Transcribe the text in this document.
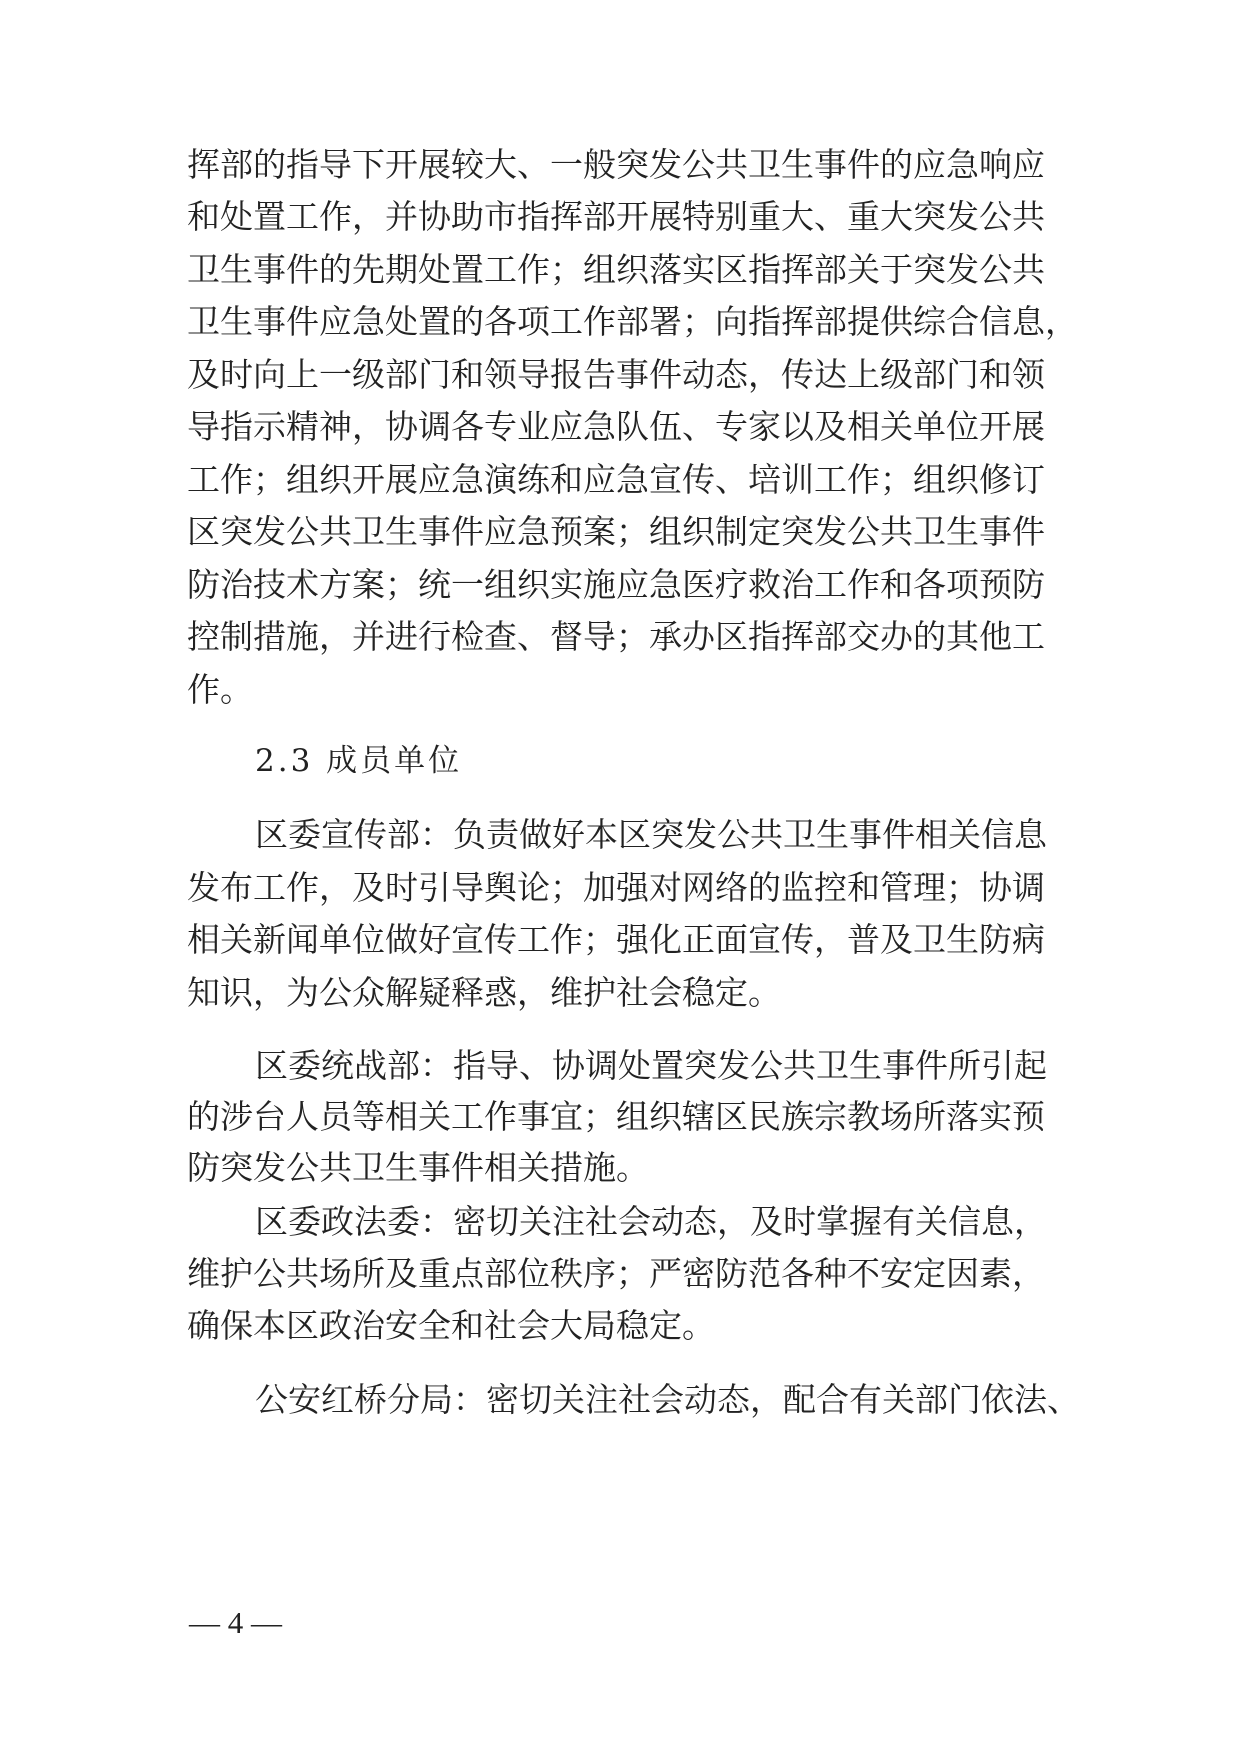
挥部的指导下开展较大、一般突发公共卫生事件的应急响应

和处置工作，并协助市指挥部开展特别重大、重大突发公共

卫生事件的先期处置工作；组织落实区指挥部关于突发公共

卫生事件应急处置的各项工作部署；向指挥部提供综合信息，

及时向上一级部门和领导报告事件动态，传达上级部门和领

导指示精神，协调各专业应急队伍、专家以及相关单位开展

工作；组织开展应急演练和应急宣传、培训工作；组织修订

区突发公共卫生事件应急预案；组织制定突发公共卫生事件

防治技术方案；统一组织实施应急医疗救治工作和各项预防

控制措施，并进行检查、督导；承办区指挥部交办的其他工

作。

2.3 成员单位

区委宣传部：负责做好本区突发公共卫生事件相关信息

发布工作，及时引导舆论；加强对网络的监控和管理；协调

相关新闻单位做好宣传工作；强化正面宣传，普及卫生防病

知识，为公众解疑释惑，维护社会稳定。

区委统战部：指导、协调处置突发公共卫生事件所引起

的涉台人员等相关工作事宜；组织辖区民族宗教场所落实预

防突发公共卫生事件相关措施。

区委政法委：密切关注社会动态，及时掌握有关信息，

维护公共场所及重点部位秩序；严密防范各种不安定因素，

确保本区政治安全和社会大局稳定。

公安红桥分局：密切关注社会动态，配合有关部门依法、

— 4 —
